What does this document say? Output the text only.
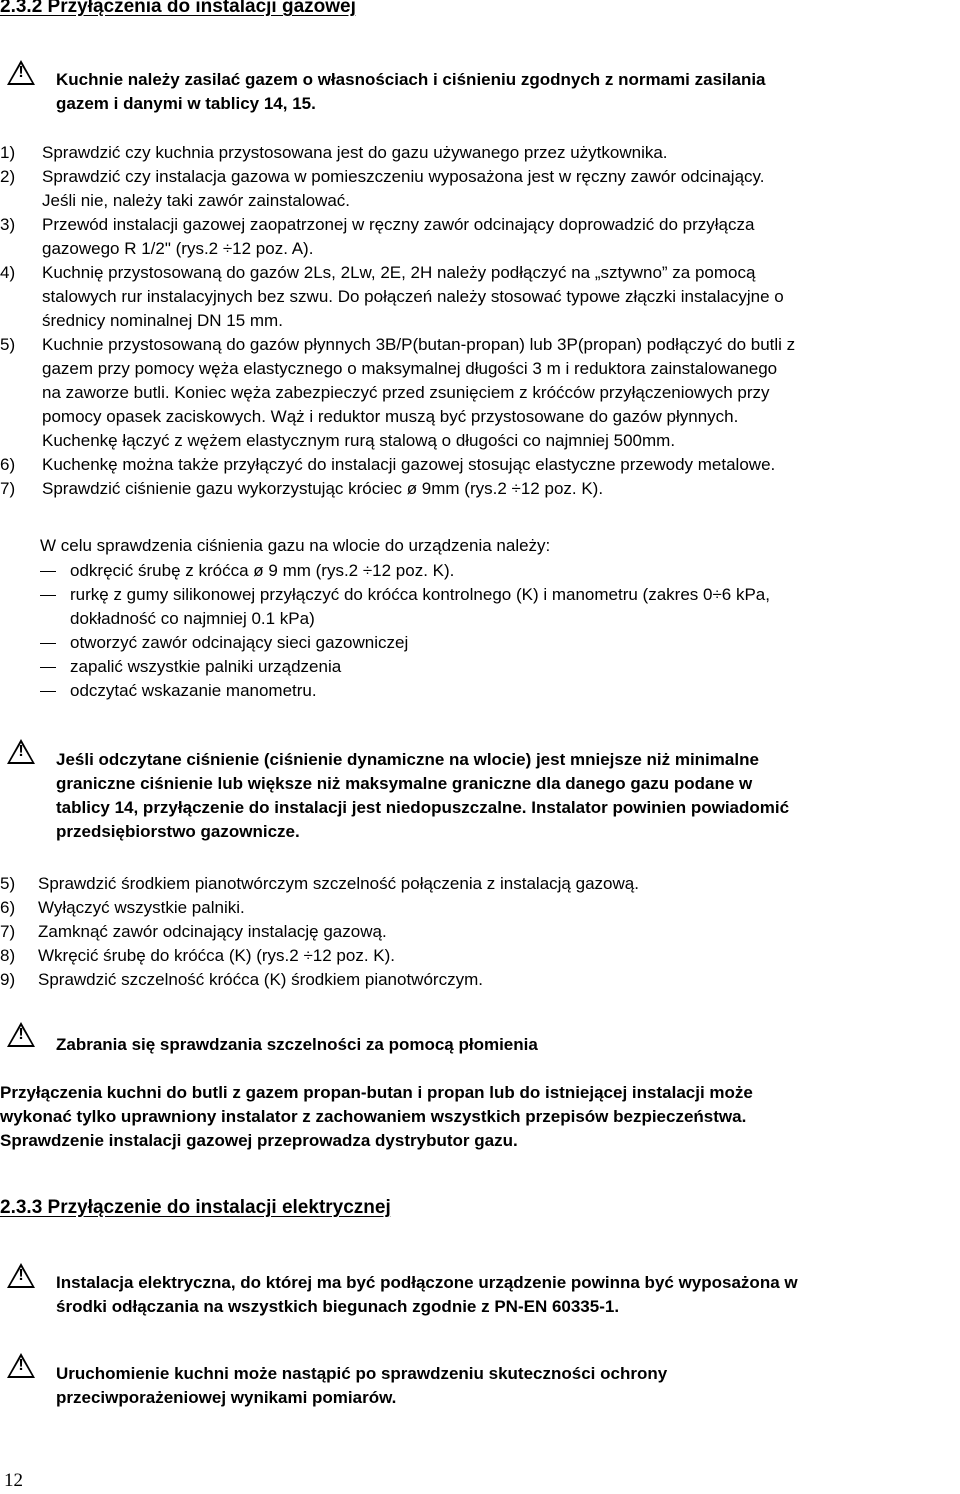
2.3.2 Przyłączenia do instalacji gazowej
! Kuchnie należy zasilać gazem o własnościach i ciśnieniu zgodnych z normami zasilania
gazem i danymi w tablicy 14, 15.
1) Sprawdzić czy kuchnia przystosowana jest do gazu używanego przez użytkownika.
2) Sprawdzić czy instalacja gazowa w pomieszczeniu wyposażona jest w ręczny zawór odcinający.
Jeśli nie, należy taki zawór zainstalować.
3) Przewód instalacji gazowej zaopatrzonej w ręczny zawór odcinający doprowadzić do przyłącza
gazowego R 1/2" (rys.2 ÷12 poz. A).
4) Kuchnię przystosowaną do gazów 2Ls, 2Lw, 2E, 2H należy podłączyć na „sztywno” za pomocą
stalowych rur instalacyjnych bez szwu. Do połączeń należy stosować typowe złączki instalacyjne o
średnicy nominalnej DN 15 mm.
5) Kuchnie przystosowaną do gazów płynnych 3B/P(butan-propan) lub 3P(propan) podłączyć do butli z
gazem przy pomocy węża elastycznego o maksymalnej długości 3 m i reduktora zainstalowanego
na zaworze butli. Koniec węża zabezpieczyć przed zsunięciem z króćców przyłączeniowych przy
pomocy opasek zaciskowych. Wąż i reduktor muszą być przystosowane do gazów płynnych.
Kuchenkę łączyć z wężem elastycznym rurą stalową o długości co najmniej 500mm.
6) Kuchenkę można także przyłączyć do instalacji gazowej stosując elastyczne przewody metalowe.
7) Sprawdzić ciśnienie gazu wykorzystując króciec ø 9mm (rys.2 ÷12 poz. K).
W celu sprawdzenia ciśnienia gazu na wlocie do urządzenia należy:
odkręcić śrubę z króćca ø 9 mm (rys.2 ÷12 poz. K).
rurkę z gumy silikonowej przyłączyć do króćca kontrolnego (K) i manometru (zakres 0÷6 kPa,
dokładność co najmniej 0.1 kPa)
otworzyć zawór odcinający sieci gazowniczej
zapalić wszystkie palniki urządzenia
odczytać wskazanie manometru.
! Jeśli odczytane ciśnienie (ciśnienie dynamiczne na wlocie) jest mniejsze niż minimalne
graniczne ciśnienie lub większe niż maksymalne graniczne dla danego gazu podane w
tablicy 14, przyłączenie do instalacji jest niedopuszczalne. Instalator powinien powiadomić
przedsiębiorstwo gazownicze.
5) Sprawdzić środkiem pianotwórczym szczelność połączenia z instalacją gazową.
6) Wyłączyć wszystkie palniki.
7) Zamknąć zawór odcinający instalację gazową.
8) Wkręcić śrubę do króćca (K) (rys.2 ÷12 poz. K).
9) Sprawdzić szczelność króćca (K) środkiem pianotwórczym.
!
Zabrania się sprawdzania szczelności za pomocą płomienia
Przyłączenia kuchni do butli z gazem propan-butan i propan lub do istniejącej instalacji może
wykonać tylko uprawniony instalator z zachowaniem wszystkich przepisów bezpieczeństwa.
Sprawdzenie instalacji gazowej przeprowadza dystrybutor gazu.
2.3.3 Przyłączenie do instalacji elektrycznej
! Instalacja elektryczna, do której ma być podłączone urządzenie powinna być wyposażona w
środki odłączania na wszystkich biegunach zgodnie z PN-EN 60335-1.
! Uruchomienie kuchni może nastąpić po sprawdzeniu skuteczności ochrony
przeciwporażeniowej wynikami pomiarów.
12
